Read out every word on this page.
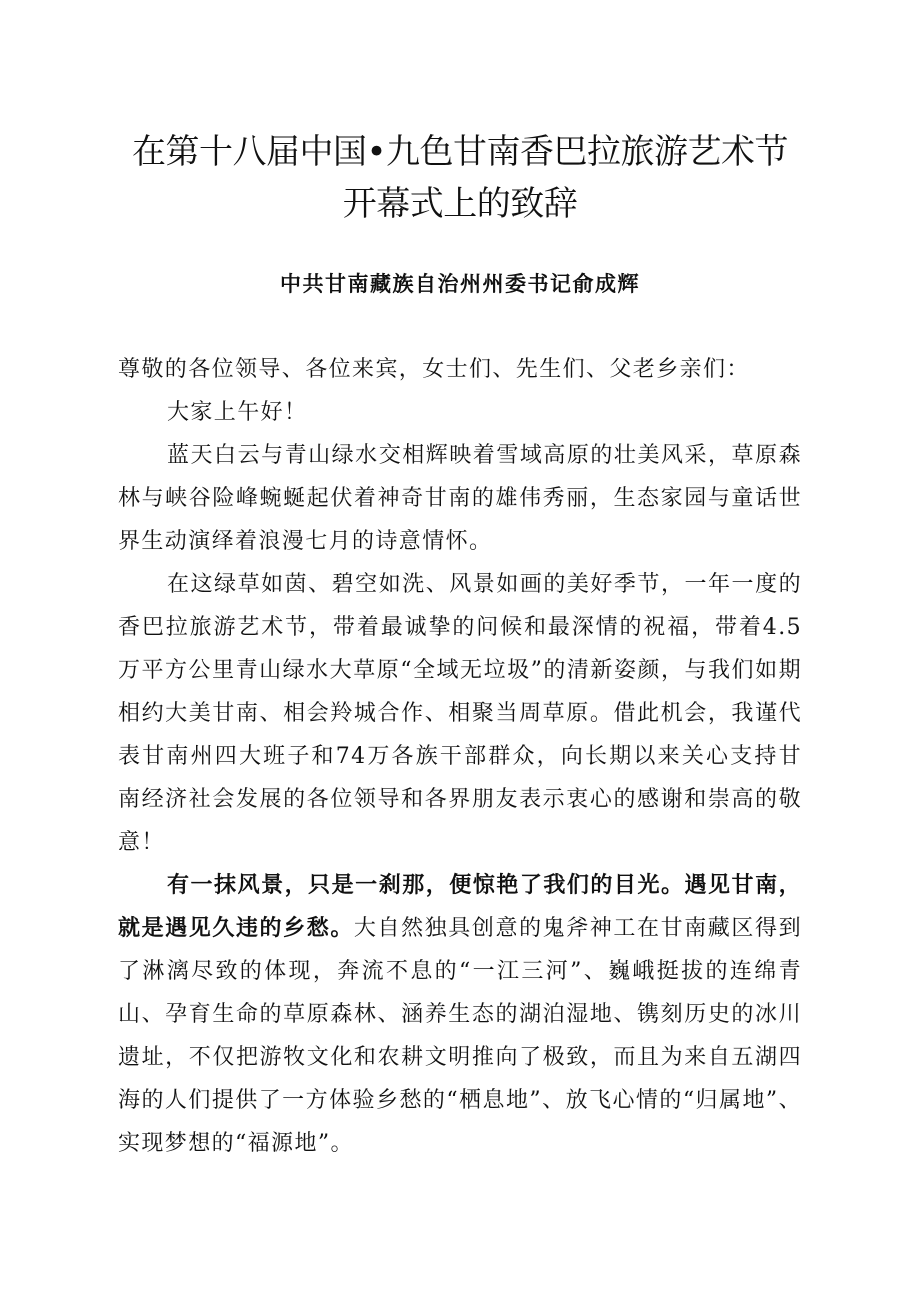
在第十八届中国•九色甘南香巴拉旅游艺术节
开幕式上的致辞
中共甘南藏族自治州州委书记俞成辉

尊敬的各位领导、各位来宾，女士们、先生们、父老乡亲们：

大家上午好！

蓝天白云与青山绿水交相辉映着雪域高原的壮美风采，草原森林与峡谷险峰蜿蜒起伏着神奇甘南的雄伟秀丽，生态家园与童话世界生动演绎着浪漫七月的诗意情怀。

在这绿草如茵、碧空如洗、风景如画的美好季节，一年一度的香巴拉旅游艺术节，带着最诚挚的问候和最深情的祝福，带着4.5万平方公里青山绿水大草原“全域无垃圾”的清新姿颜，与我们如期相约大美甘南、相会羚城合作、相聚当周草原。借此机会，我谨代表甘南州四大班子和74万各族干部群众，向长期以来关心支持甘南经济社会发展的各位领导和各界朋友表示衷心的感谢和崇高的敬意！

有一抹风景，只是一刹那，便惊艳了我们的目光。遇见甘南，就是遇见久违的乡愁。大自然独具创意的鬼斧神工在甘南藏区得到了淋漓尽致的体现，奔流不息的“一江三河”、巍峨挺拔的连绵青山、孕育生命的草原森林、涵养生态的湖泊湿地、镌刻历史的冰川遗址，不仅把游牧文化和农耕文明推向了极致，而且为来自五湖四海的人们提供了一方体验乡愁的“栖息地”、放飞心情的“归属地”、实现梦想的“福源地”。
